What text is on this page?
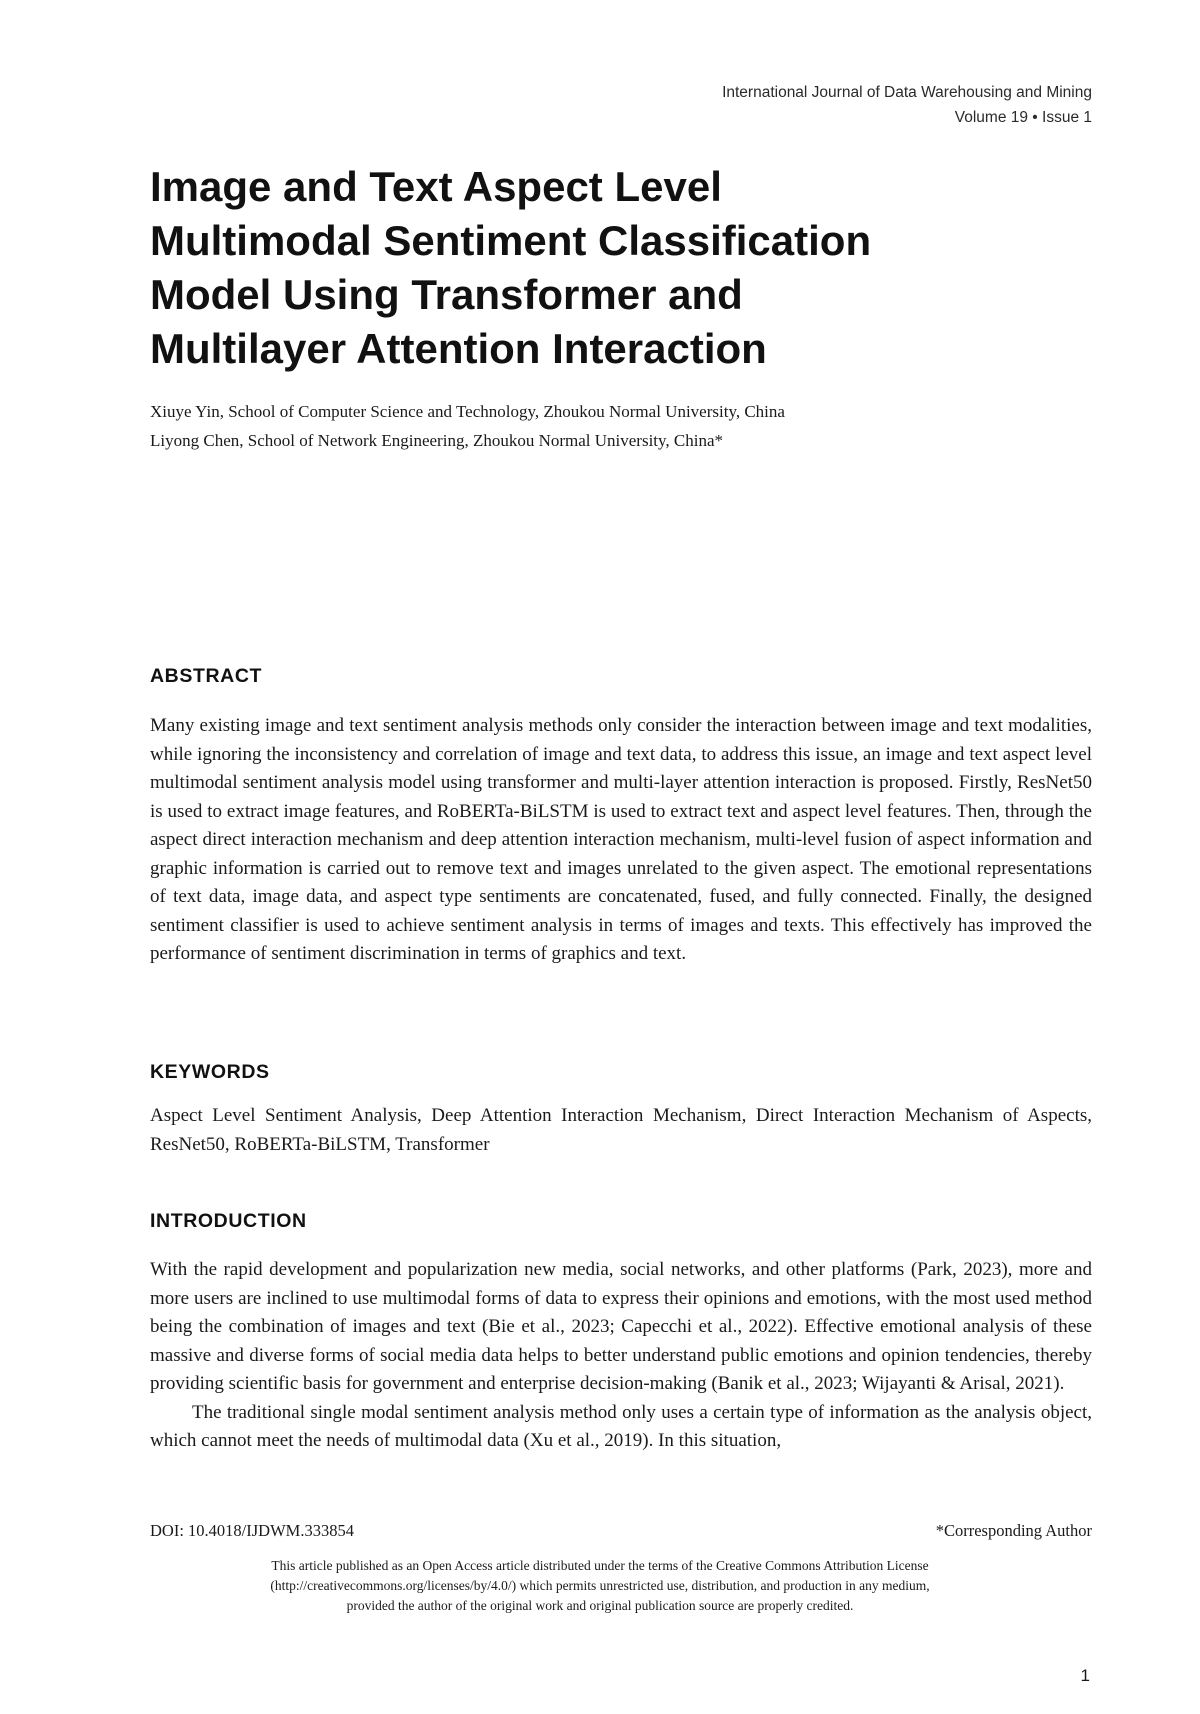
International Journal of Data Warehousing and Mining
Volume 19 • Issue 1
Image and Text Aspect Level
Multimodal Sentiment Classification
Model Using Transformer and
Multilayer Attention Interaction
Xiuye Yin, School of Computer Science and Technology, Zhoukou Normal University, China
Liyong Chen, School of Network Engineering, Zhoukou Normal University, China*
ABSTRACT

Many existing image and text sentiment analysis methods only consider the interaction between image and text modalities, while ignoring the inconsistency and correlation of image and text data, to address this issue, an image and text aspect level multimodal sentiment analysis model using transformer and multi-layer attention interaction is proposed. Firstly, ResNet50 is used to extract image features, and RoBERTa-BiLSTM is used to extract text and aspect level features. Then, through the aspect direct interaction mechanism and deep attention interaction mechanism, multi-level fusion of aspect information and graphic information is carried out to remove text and images unrelated to the given aspect. The emotional representations of text data, image data, and aspect type sentiments are concatenated, fused, and fully connected. Finally, the designed sentiment classifier is used to achieve sentiment analysis in terms of images and texts. This effectively has improved the performance of sentiment discrimination in terms of graphics and text.

KEYWORDS

Aspect Level Sentiment Analysis, Deep Attention Interaction Mechanism, Direct Interaction Mechanism of Aspects, ResNet50, RoBERTa-BiLSTM, Transformer

INTRODUCTION

With the rapid development and popularization new media, social networks, and other platforms (Park, 2023), more and more users are inclined to use multimodal forms of data to express their opinions and emotions, with the most used method being the combination of images and text (Bie et al., 2023; Capecchi et al., 2022). Effective emotional analysis of these massive and diverse forms of social media data helps to better understand public emotions and opinion tendencies, thereby providing scientific basis for government and enterprise decision-making (Banik et al., 2023; Wijayanti & Arisal, 2021).

The traditional single modal sentiment analysis method only uses a certain type of information as the analysis object, which cannot meet the needs of multimodal data (Xu et al., 2019). In this situation,

DOI: 10.4018/IJDWM.333854	*Corresponding Author
This article published as an Open Access article distributed under the terms of the Creative Commons Attribution License
(http://creativecommons.org/licenses/by/4.0/) which permits unrestricted use, distribution, and production in any medium,
provided the author of the original work and original publication source are properly credited.
1
